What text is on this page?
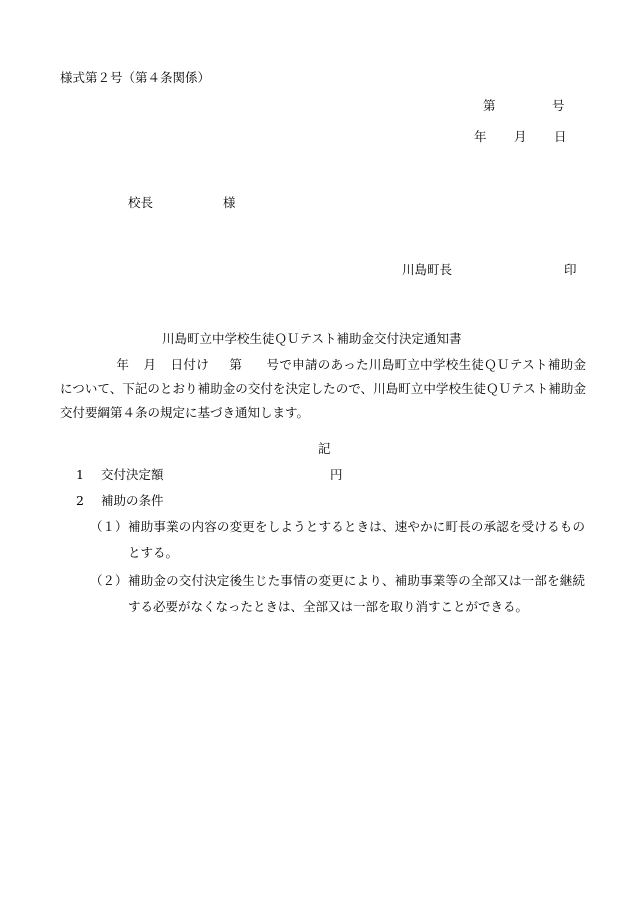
様式第２号（第４条関係）
第	号
年 月 日
校長	様
川島町長	印
川島町立中学校生徒ＱＵテスト補助金交付決定通知書

年 月 日付け 第 号で申請のあった川島町立中学校生徒ＱＵテスト補助金について、下記のとおり補助金の交付を決定したので、川島町立中学校生徒ＱＵテスト補助金交付要綱第４条の規定に基づき通知します。

記
1 交付決定額	円
2 補助の条件
（１） 補助事業の内容の変更をしようとするときは、速やかに町長の承認を受けるものとする。

（２） 補助金の交付決定後生じた事情の変更により、補助事業等の全部又は一部を継続する必要がなくなったときは、全部又は一部を取り消すことができる。
